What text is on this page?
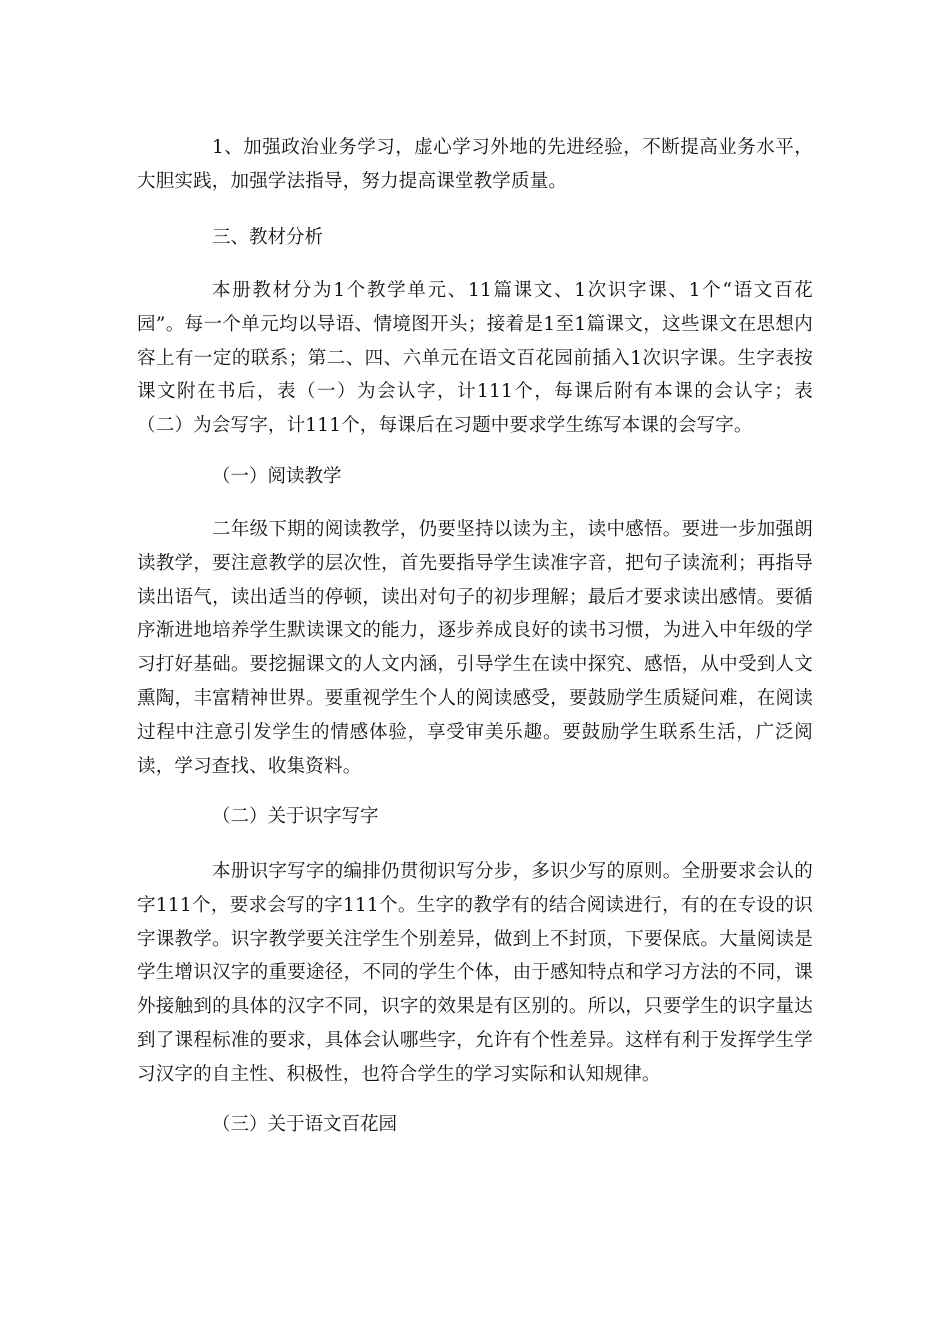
1、加强政治业务学习，虚心学习外地的先进经验，不断提高业务水平，大胆实践，加强学法指导，努力提高课堂教学质量。

三、教材分析

本册教材分为1个教学单元、11篇课文、1次识字课、1个“语文百花园”。每一个单元均以导语、情境图开头；接着是1至1篇课文，这些课文在思想内容上有一定的联系；第二、四、六单元在语文百花园前插入1次识字课。生字表按课文附在书后，表（一）为会认字，计111个，每课后附有本课的会认字；表（二）为会写字，计111个，每课后在习题中要求学生练写本课的会写字。

（一）阅读教学

二年级下期的阅读教学，仍要坚持以读为主，读中感悟。要进一步加强朗读教学，要注意教学的层次性，首先要指导学生读准字音，把句子读流利；再指导读出语气，读出适当的停顿，读出对句子的初步理解；最后才要求读出感情。要循序渐进地培养学生默读课文的能力，逐步养成良好的读书习惯，为进入中年级的学习打好基础。要挖掘课文的人文内涵，引导学生在读中探究、感悟，从中受到人文熏陶，丰富精神世界。要重视学生个人的阅读感受，要鼓励学生质疑问难，在阅读过程中注意引发学生的情感体验，享受审美乐趣。要鼓励学生联系生活，广泛阅读，学习查找、收集资料。

（二）关于识字写字

本册识字写字的编排仍贯彻识写分步，多识少写的原则。全册要求会认的字111个，要求会写的字111个。生字的教学有的结合阅读进行，有的在专设的识字课教学。识字教学要关注学生个别差异，做到上不封顶，下要保底。大量阅读是学生增识汉字的重要途径，不同的学生个体，由于感知特点和学习方法的不同，课外接触到的具体的汉字不同，识字的效果是有区别的。所以，只要学生的识字量达到了课程标准的要求，具体会认哪些字，允许有个性差异。这样有利于发挥学生学习汉字的自主性、积极性，也符合学生的学习实际和认知规律。

（三）关于语文百花园
